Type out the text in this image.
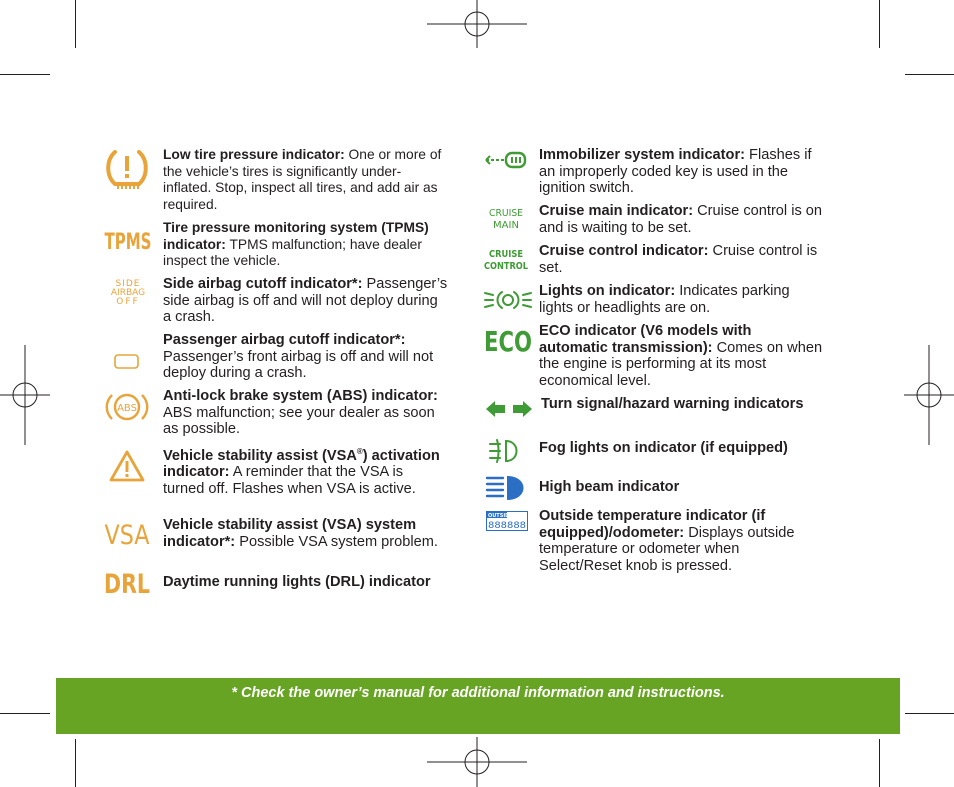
Low tire pressure indicator: One or more of the vehicle’s tires is significantly under-inflated. Stop, inspect all tires, and add air as required.
TPMS
Tire pressure monitoring system (TPMS) indicator: TPMS malfunction; have dealer inspect the vehicle.
SIDE
AIRBAG
OFF
Side airbag cutoff indicator*: Passenger’s side airbag is off and will not deploy during a crash.
Passenger airbag cutoff indicator*: Passenger’s front airbag is off and will not deploy during a crash.
ABS
Anti-lock brake system (ABS) indicator: ABS malfunction; see your dealer as soon as possible.
Vehicle stability assist (VSA®) activation indicator: A reminder that the VSA is turned off. Flashes when VSA is active.
VSA Vehicle stability assist (VSA) system indicator*: Possible VSA system problem.
DRL Daytime running lights (DRL) indicator
Immobilizer system indicator: Flashes if an improperly coded key is used in the ignition switch.
CRUISE
MAIN
Cruise main indicator: Cruise control is on and is waiting to be set.
CRUISE
CONTROL
Cruise control indicator: Cruise control is set.
Lights on indicator: Indicates parking lights or headlights are on.
ECO ECO indicator (V6 models with automatic transmission): Comes on when the engine is performing at its most economical level.
Turn signal/hazard warning indicators
Fog lights on indicator (if equipped)
High beam indicator
OUTSIDE
888888
Outside temperature indicator (if equipped)/odometer: Displays outside temperature or odometer when Select/Reset knob is pressed.
* Check the owner’s manual for additional information and instructions.
